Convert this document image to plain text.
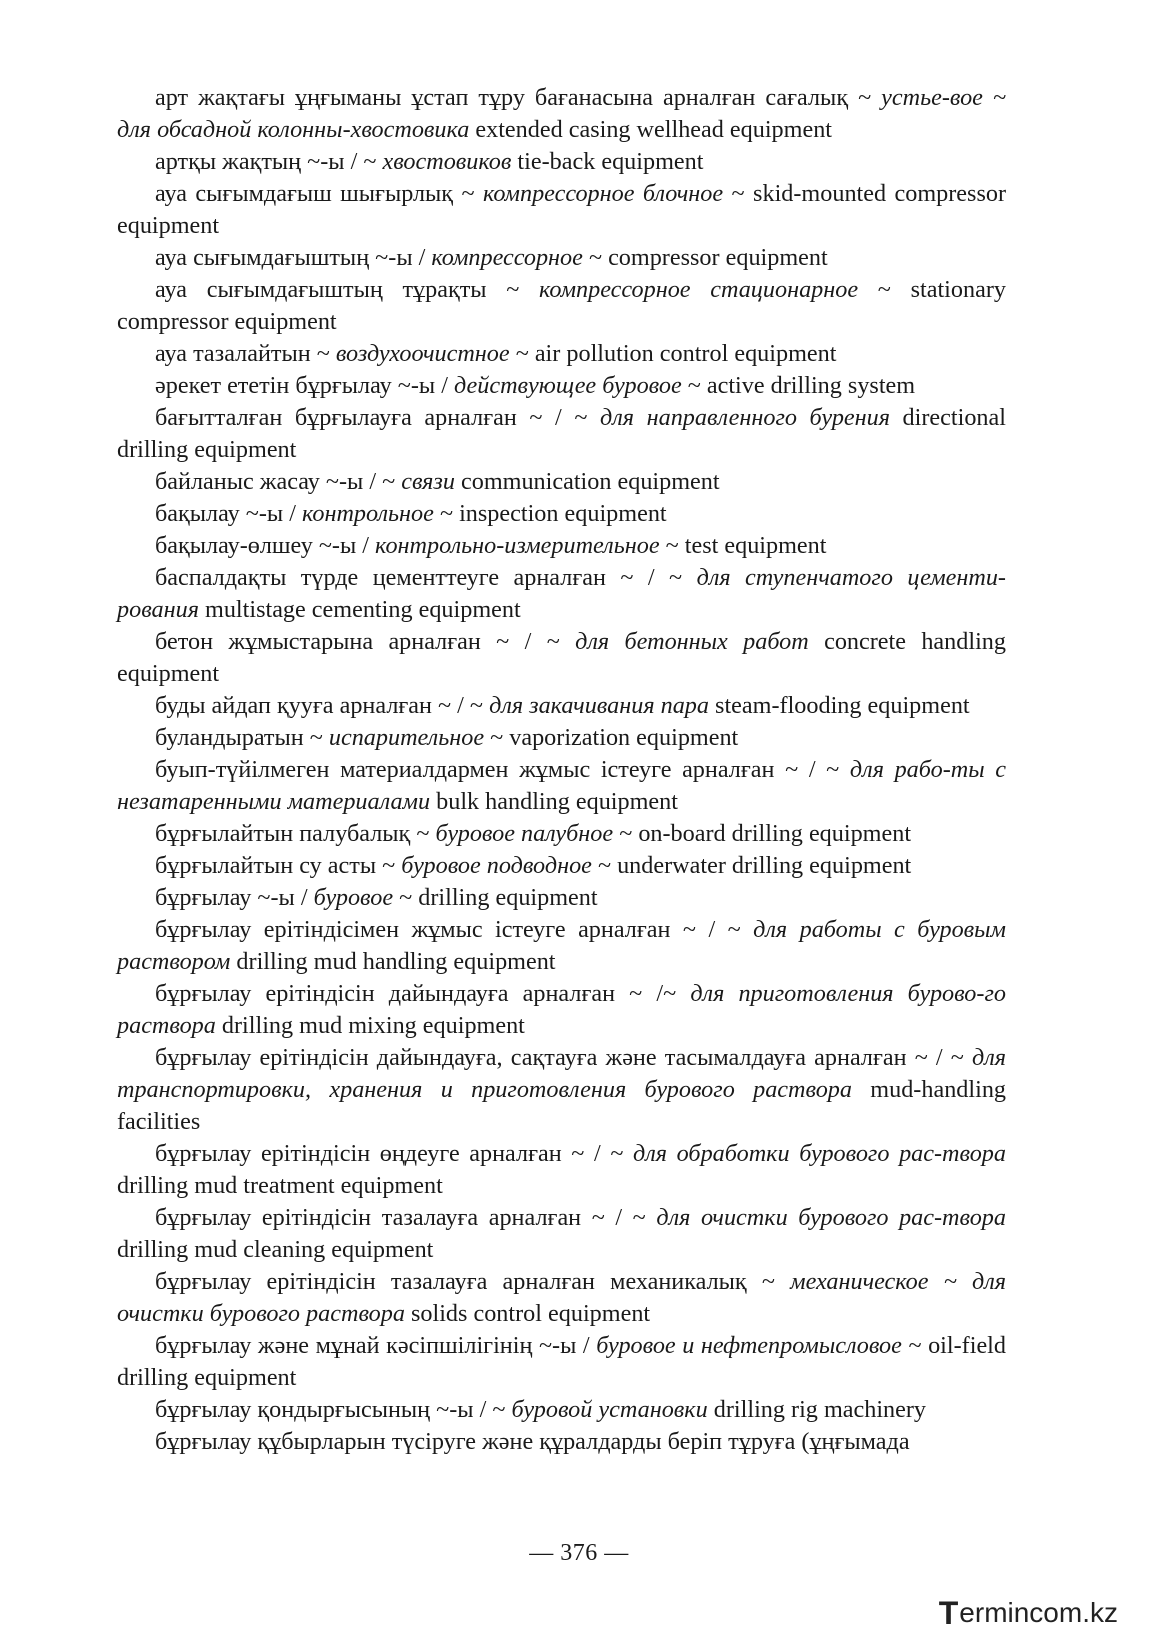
арт жақтағы ұңғыманы ұстап тұру бағанасына арналған сағалық ~ устье-вое ~ для обсадной колонны-хвостовика extended casing wellhead equipment

артқы жақтың ~-ы / ~ хвостовиков tie-back equipment

ауа сығымдағыш шығырлық ~ компрессорное блочное ~ skid-mounted compressor equipment

ауа сығымдағыштың ~-ы / компрессорное ~ compressor equipment

ауа сығымдағыштың тұрақты ~ компрессорное стационарное ~ stationary compressor equipment

ауа тазалайтын ~ воздухоочистное ~ air pollution control equipment

әрекет ететін бұрғылау ~-ы / действующее буровое ~ active drilling system

бағытталған бұрғылауға арналған ~ / ~ для направленного бурения directional drilling equipment

байланыс жасау ~-ы / ~ связи communication equipment

бақылау ~-ы / контрольное ~ inspection equipment

бақылау-өлшеу ~-ы / контрольно-измерительное ~ test equipment

баспалдақты түрде цементтеуге арналған ~ / ~ для ступенчатого цементи-рования multistage cementing equipment

бетон жұмыстарына арналған ~ / ~ для бетонных работ concrete handling equipment

буды айдап қууға арналған ~ / ~ для закачивания пара steam-flooding equipment

буландыратын ~ испарительное ~ vaporization equipment

буып-түйілмеген материалдармен жұмыс істеуге арналған ~ / ~ для рабо-ты с незатаренными материалами bulk handling equipment

бұрғылайтын палубалық ~ буровое палубное ~ on-board drilling equipment

бұрғылайтын су асты ~ буровое подводное ~ underwater drilling equipment

бұрғылау ~-ы / буровое ~ drilling equipment

бұрғылау ерітіндісімен жұмыс істеуге арналған ~ / ~ для работы с буровым раствором drilling mud handling equipment

бұрғылау ерітіндісін дайындауға арналған ~ /~ для приготовления бурово-го раствора drilling mud mixing equipment

бұрғылау ерітіндісін дайындауға, сақтауға және тасымалдауға арналған ~ / ~ для транспортировки, хранения и приготовления бурового раствора mud-handling facilities

бұрғылау ерітіндісін өңдеуге арналған ~ / ~ для обработки бурового рас-твора drilling mud treatment equipment

бұрғылау ерітіндісін тазалауға арналған ~ / ~ для очистки бурового рас-твора drilling mud cleaning equipment

бұрғылау ерітіндісін тазалауға арналған механикалық ~ механическое ~ для очистки бурового раствора solids control equipment

бұрғылау және мұнай кәсіпшілігінің ~-ы / буровое и нефтепромысловое ~ oil-field drilling equipment

бұрғылау қондырғысының ~-ы / ~ буровой установки drilling rig machinery

бұрғылау құбырларын түсіруге және құралдарды беріп тұруға (ұңғымада

— 376 —
T ermincom .kz
